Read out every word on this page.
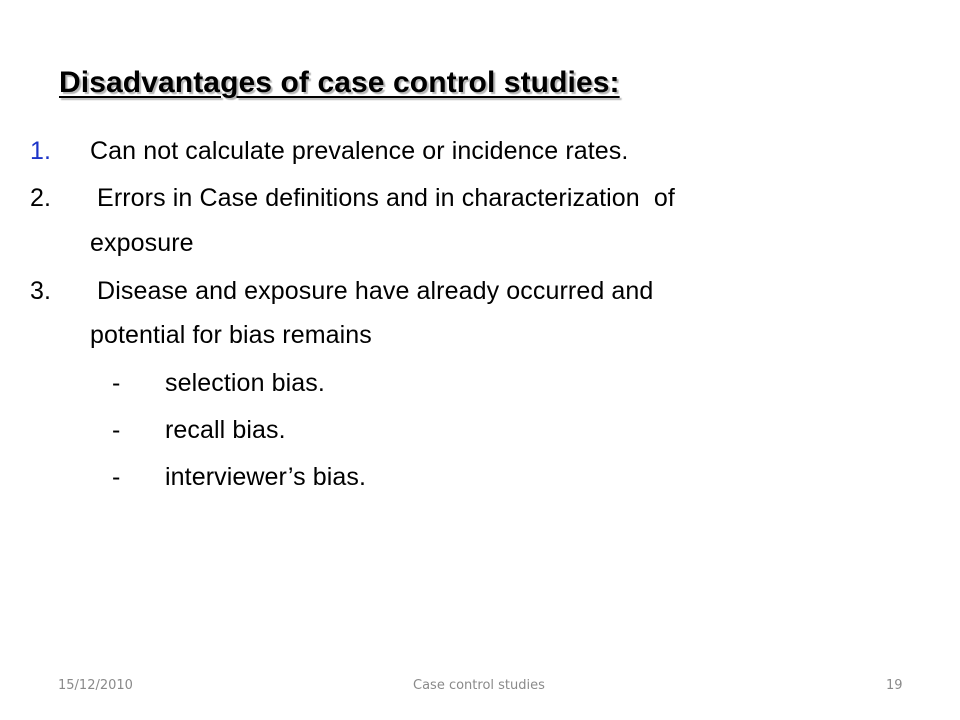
Disadvantages of case control studies:
1. Can not calculate prevalence or incidence rates.
2. Errors in Case definitions and in characterization  of
exposure
3. Disease and exposure have already occurred and
potential for bias remains
- selection bias.
- recall bias.
- interviewer’s bias.
15/12/2010	Case control studies	19
